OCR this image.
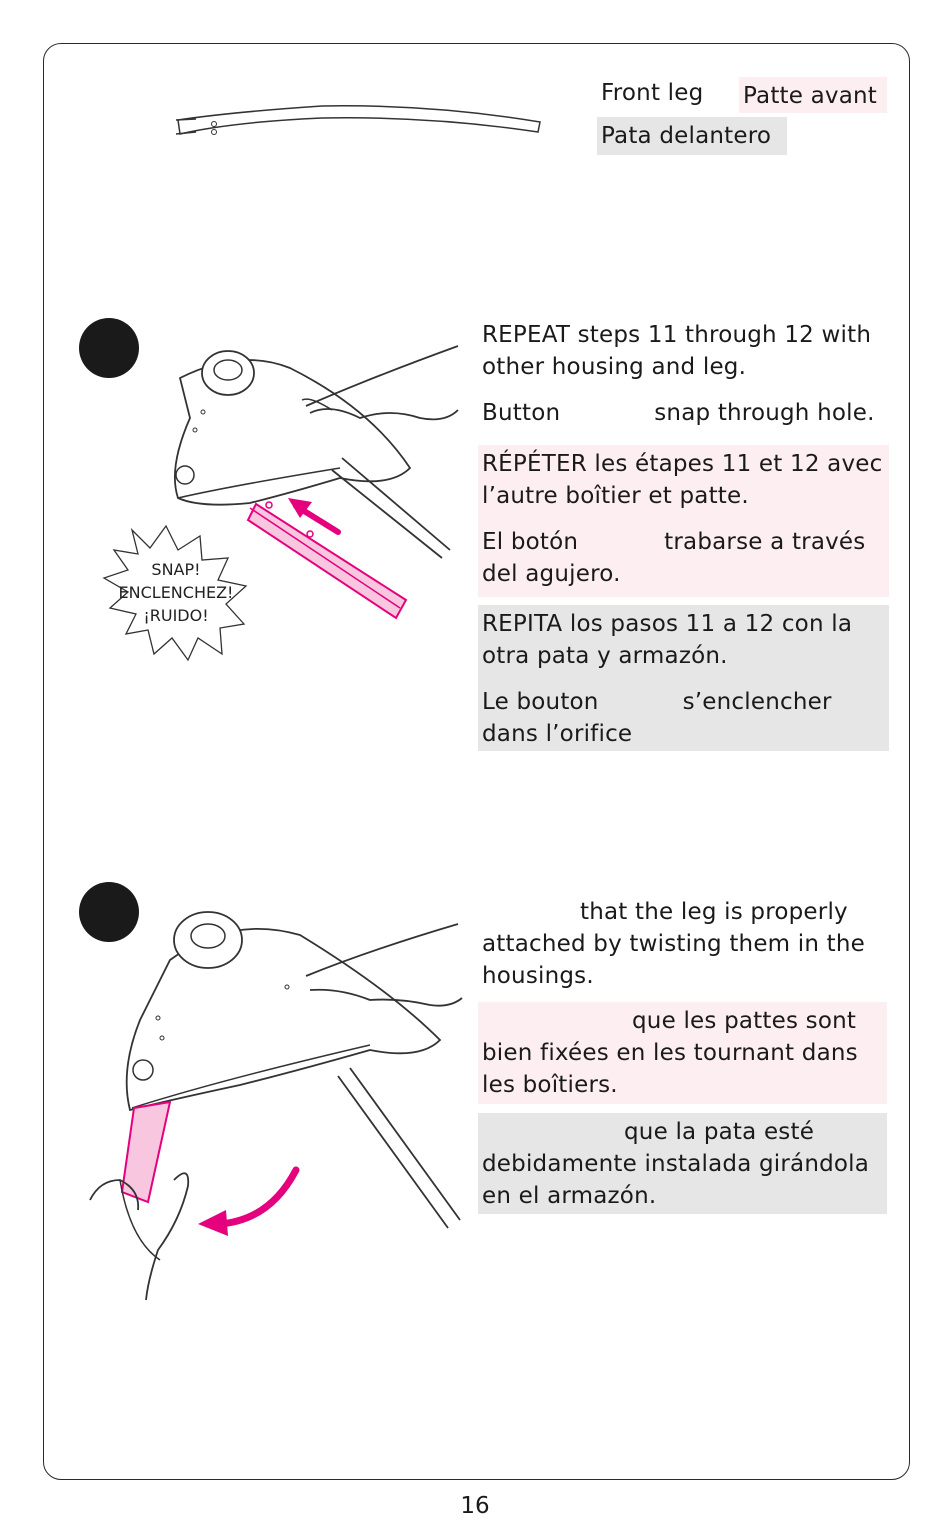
Front leg Patte avant
Pata delantero
SNAP!
ENCLENCHEZ!
¡RUIDO!

REPEAT steps 11 through 12 with other housing and leg.

Button	snap through hole.

RÉPÉTER les étapes 11 et 12 avec l’autre boîtier et patte.

El botón	trabarse a través del agujero.

REPITA los pasos 11 a 12 con la otra pata y armazón.

Le bouton	s’enclencher dans l’orifice

that the leg is properly attached by twisting them in the housings.

que les pattes sont bien fixées en les tournant dans les boîtiers.

que la pata esté debidamente instalada girándola en el armazón.

16
